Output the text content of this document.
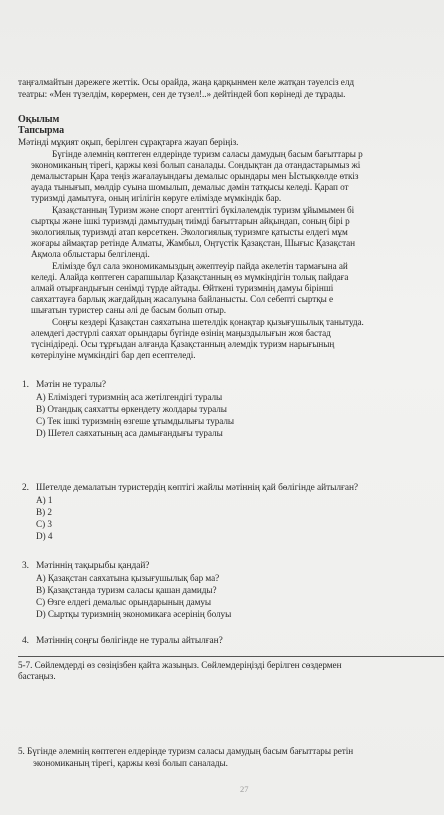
таңғалмайтын дәрежеге жеттік. Осы орайда, жаңа қарқынмен келе жатқан тәуелсіз елд
театры: «Мен түзелдім, көрермен, сен де түзел!..» дейтіндей боп көрінеді де тұрады.
Оқылым
Тапсырма
Мәтінді мұқият оқып, берілген сұрақтарға жауап беріңіз.
Бүгінде әлемнің көптеген елдерінде туризм саласы дамудың басым бағыттары р
экономиканың тірегі, қаржы көзі болып саналады. Сондықтан да отандастарымыз жі
демалыстарын Қара теңіз жағалауындағы демалыс орындары мен Ыстықкөлде өткіз
ауада тынығып, мөлдір суына шомылып, демалыс дәмін татқысы келеді. Қарап от
туризмді дамытуға, оның игілігін көруге елімізде мүмкіндік бар.
Қазақстанның Туризм және спорт агенттігі бүкіләлемдік туризм ұйымымен бі
сыртқы және ішкі туризмді дамытудың тиімді бағыттарын айқындап, соның бірі р
экологиялық туризмді атап көрсеткен. Экологиялық туризмге қатысты елдегі мұм
жоғары аймақтар ретінде Алматы, Жамбыл, Оңтүстік Қазақстан, Шығыс Қазақстан
Ақмола облыстары белгіленді.
Елімізде бұл сала экономикамыздың әжептеуір пайда әкелетін тармағына ай
келеді. Алайда көптеген сарапшылар Қазақстанның өз мүмкіндігін толық пайдаға
алмай отырғандығын сенімді түрде айтады. Өйткені туризмнің дамуы бірінші
саяхаттауға барлық жағдайдың жасалуына байланысты. Сол себепті сыртқы е
шығатын туристер саны әлі де басым болып отыр.
Соңғы кездері Қазақстан саяхатына шетелдік қонақтар қызығушылық танытуда.
әлемдегі дәстүрлі саяхат орындары бүгінде өзінің маңыздылығын жоя бастад
түсінідіреді. Осы тұрғыдан алғанда Қазақстанның әлемдік туризм нарығының
көтерілуіне мүмкіндігі бар деп есептеледі.
1. Мәтін не туралы?
A) Еліміздегі туризмнің аса жетілгендігі туралы
B) Отандық саяхатты өркендету жолдары туралы
C) Тек ішкі туризмнің өзгеше ұтымдылығы туралы
D) Шетел саяхатының аса дамығандығы туралы
2. Шетелде демалатын туристердің көптігі жайлы мәтіннің қай бөлігінде айтылған?
A) 1
B) 2
C) 3
D) 4
3. Мәтіннің тақырыбы қандай?
A) Қазақстан саяхатына қызығушылық бар ма?
B) Қазақстанда туризм саласы қашан дамиды?
C) Өзге елдегі демалыс орындарының дамуы
D) Сыртқы туризмнің экономикаға әсерінің болуы
4. Мәтіннің соңғы бөлігінде не туралы айтылған?
5-7. Сөйлемдерді өз сөзіңізбен қайта жазыңыз. Сөйлемдеріңізді берілген сөздермен
бастаңыз.
5. Бүгінде әлемнің көптеген елдерінде туризм саласы дамудың басым бағыттары ретін
экономиканың тірегі, қаржы көзі болып саналады.
27
